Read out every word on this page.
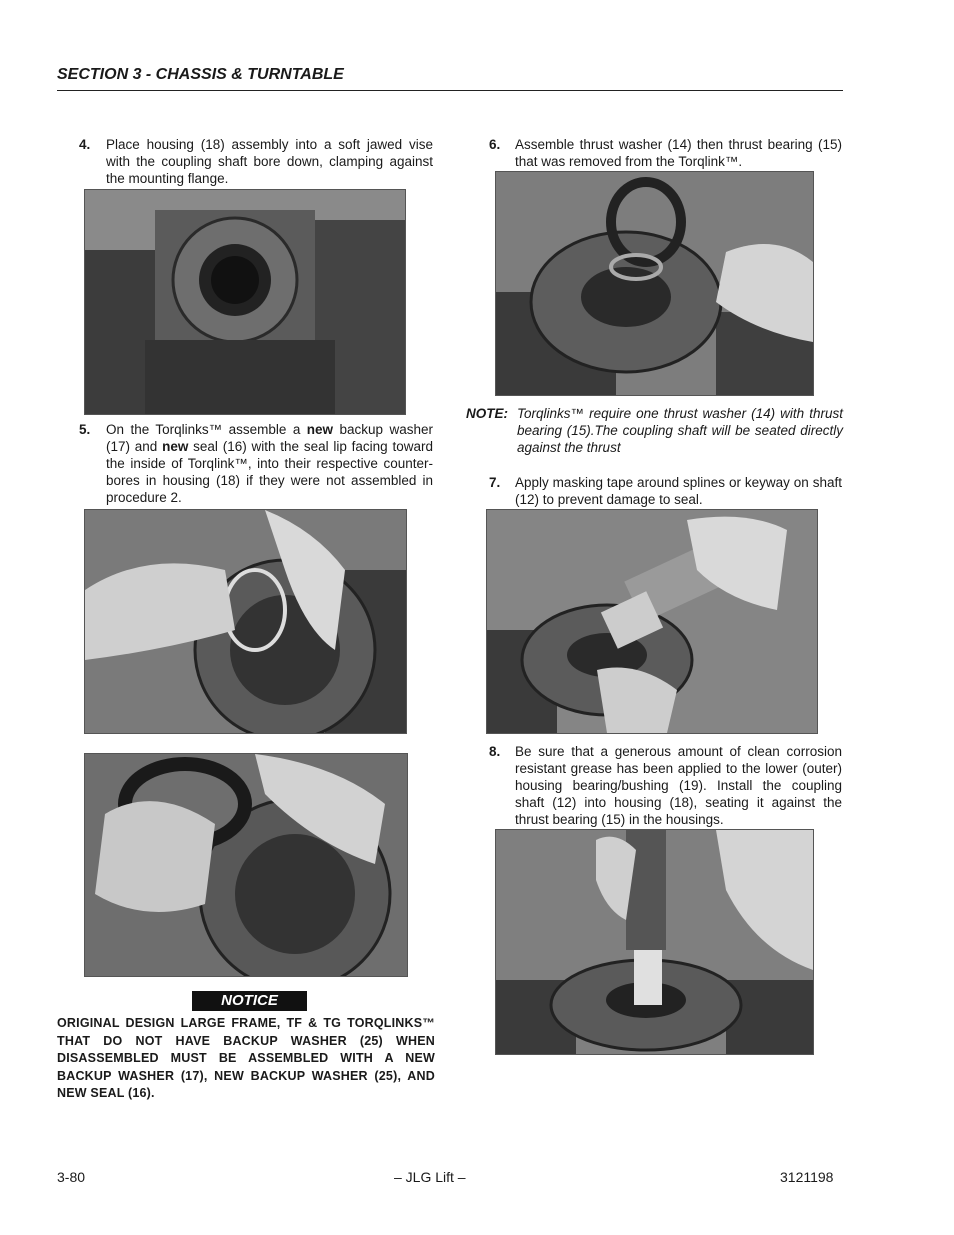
SECTION 3 - CHASSIS & TURNTABLE
4. Place housing (18) assembly into a soft jawed vise with the coupling shaft bore down, clamping against the mounting flange.
5. On the Torqlinks™ assemble a new backup washer (17) and new seal (16) with the seal lip facing toward the inside of Torqlink™, into their respective counter-bores in housing (18) if they were not assembled in procedure 2.
NOTICE
ORIGINAL DESIGN LARGE FRAME, TF & TG TORQLINKS™ THAT DO NOT HAVE BACKUP WASHER (25) WHEN DISASSEMBLED MUST BE ASSEMBLED WITH A NEW BACKUP WASHER (17), NEW BACKUP WASHER (25), AND NEW SEAL (16).
6. Assemble thrust washer (14) then thrust bearing (15) that was removed from the Torqlink™.
NOTE: Torqlinks™ require one thrust washer (14) with thrust bearing (15).The coupling shaft will be seated directly against the thrust
7. Apply masking tape around splines or keyway on shaft (12) to prevent damage to seal.
8. Be sure that a generous amount of clean corrosion resistant grease has been applied to the lower (outer) housing bearing/bushing (19). Install the coupling shaft (12) into housing (18), seating it against the thrust bearing (15) in the housings.
3-80	– JLG Lift –	3121198
